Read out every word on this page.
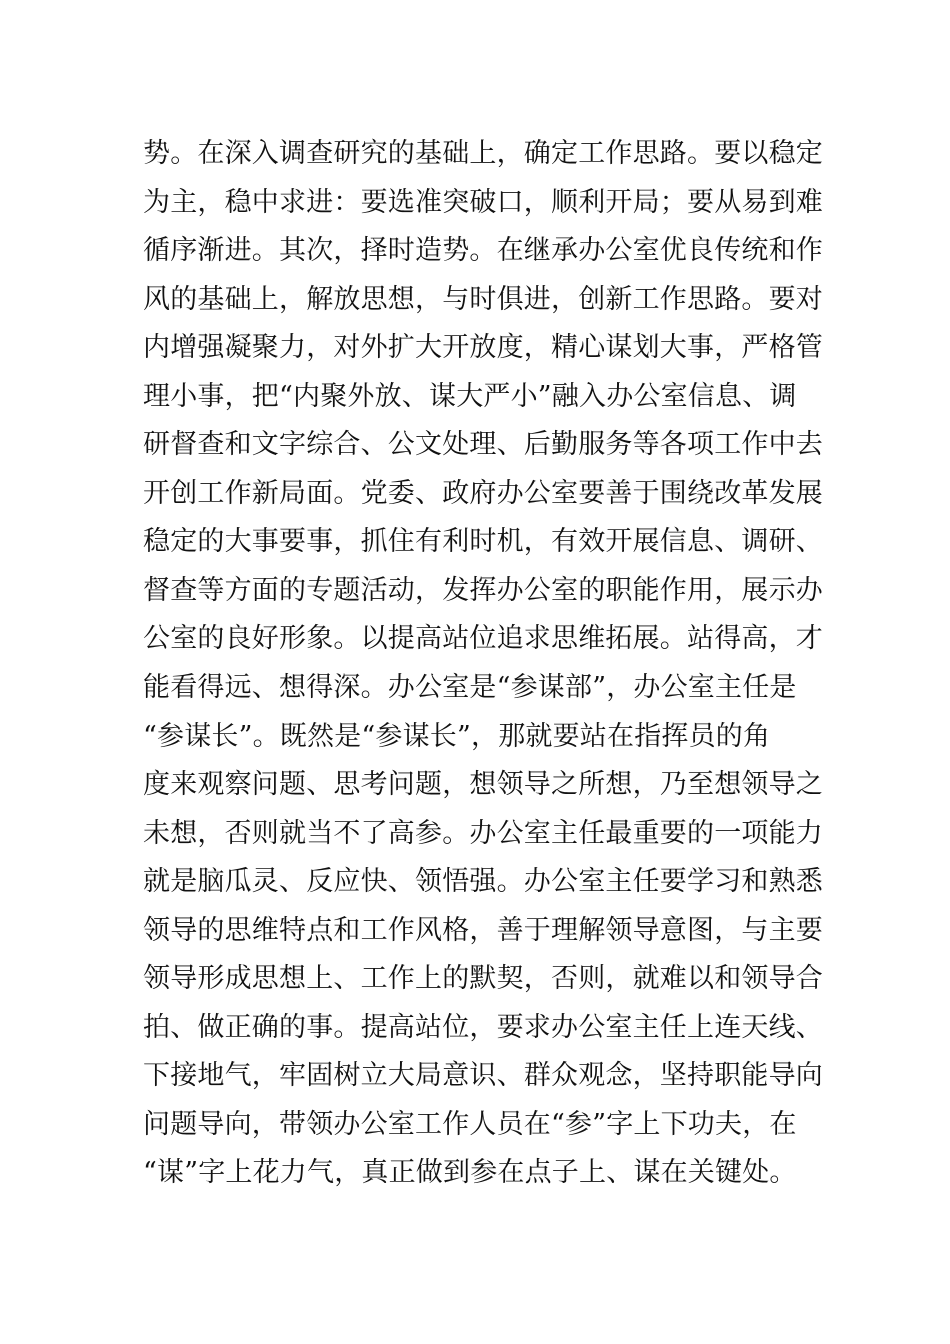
势。在深入调查研究的基础上，确定工作思路。要以稳定
为主，稳中求进：要选准突破口，顺利开局；要从易到难
循序渐进。其次，择时造势。在继承办公室优良传统和作
风的基础上，解放思想，与时俱进，创新工作思路。要对
内增强凝聚力，对外扩大开放度，精心谋划大事，严格管
理小事，把“内聚外放、谋大严小”融入办公室信息、调
研督查和文字综合、公文处理、后勤服务等各项工作中去
开创工作新局面。党委、政府办公室要善于围绕改革发展
稳定的大事要事，抓住有利时机，有效开展信息、调研、
督查等方面的专题活动，发挥办公室的职能作用，展示办
公室的良好形象。以提高站位追求思维拓展。站得高，才
能看得远、想得深。办公室是“参谋部”，办公室主任是
“参谋长”。既然是“参谋长”，那就要站在指挥员的角
度来观察问题、思考问题，想领导之所想，乃至想领导之
未想，否则就当不了高参。办公室主任最重要的一项能力
就是脑瓜灵、反应快、领悟强。办公室主任要学习和熟悉
领导的思维特点和工作风格，善于理解领导意图，与主要
领导形成思想上、工作上的默契，否则，就难以和领导合
拍、做正确的事。提高站位，要求办公室主任上连天线、
下接地气，牢固树立大局意识、群众观念，坚持职能导向
问题导向，带领办公室工作人员在“参”字上下功夫，在
“谋”字上花力气，真正做到参在点子上、谋在关键处。
